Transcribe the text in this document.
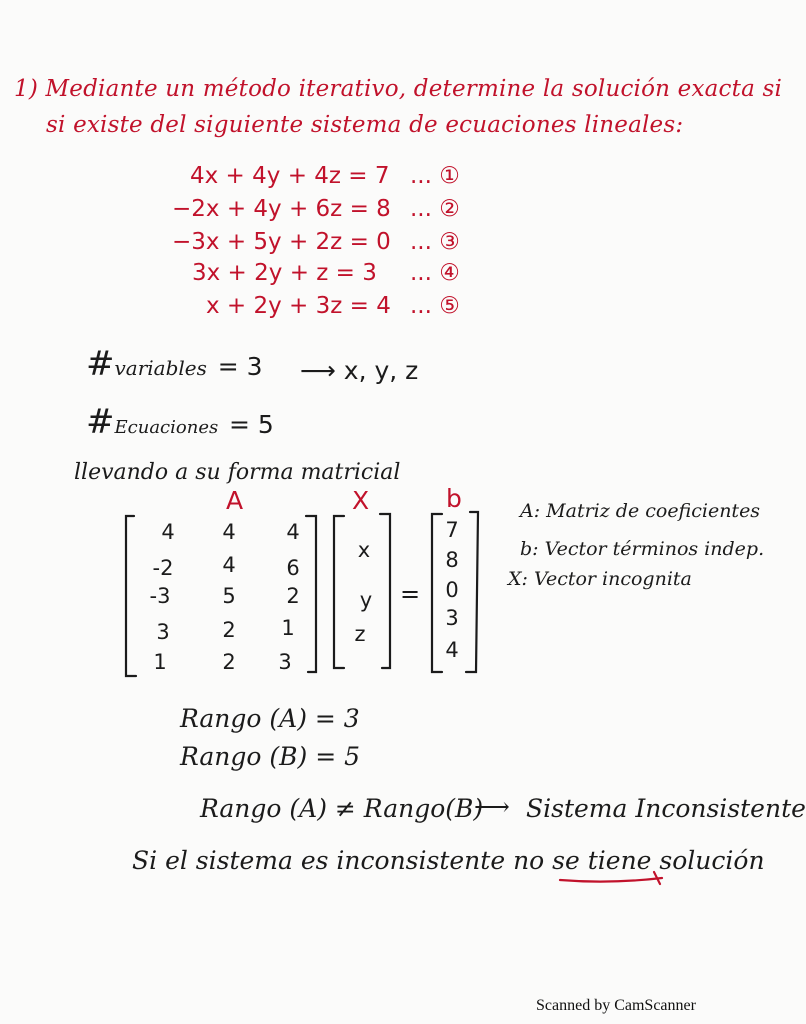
1) Mediante un método iterativo, determine la solución exacta si
si existe del siguiente sistema de ecuaciones lineales:
4x + 4y + 4z = 7 ... ①
−2x + 4y + 6z = 8 ... ②
−3x + 5y + 2z = 0 ... ③
3x + 2y + z = 3 ... ④
x + 2y + 3z = 4 ... ⑤
#variables = 3 ⟶ x, y, z
#Ecuaciones = 5
llevando a su forma matricial
A	X	b
4	4	4
-2	4	6
-3	5	2
3	2	1
1	2	3
x
y
z
=
7
8
0
3
4
A: Matriz de coeficientes
b: Vector términos indep.
X: Vector incognita
Rango (A) = 3
Rango (B) = 5
Rango (A) ≠ Rango(B)
⟶ Sistema Inconsistente
Si el sistema es inconsistente no se tiene solución
Scanned by CamScanner
